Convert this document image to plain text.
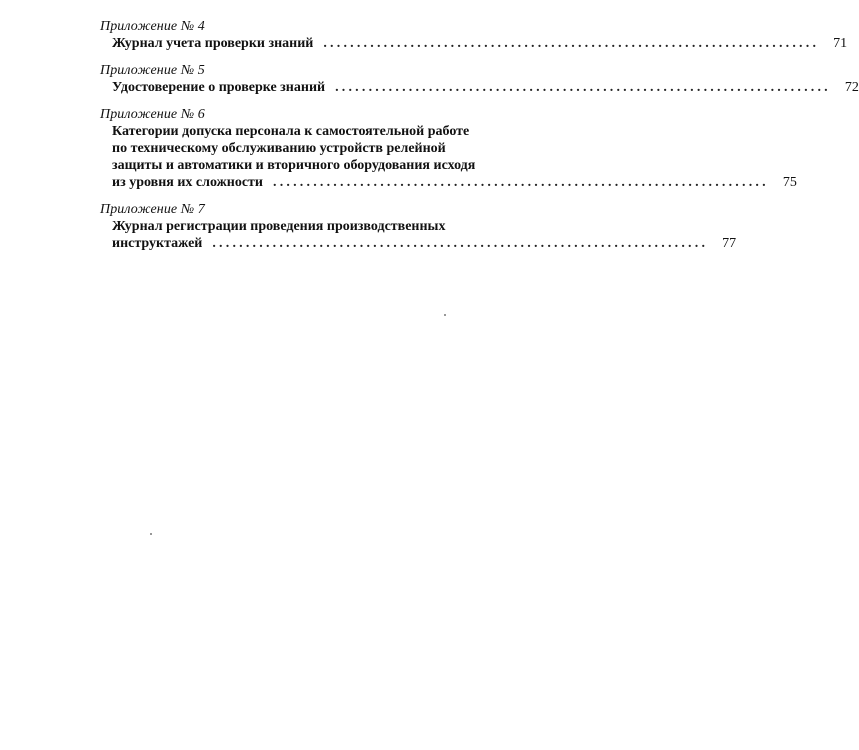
Приложение № 4
Журнал учета проверки знаний ..........................................................................	71
Приложение № 5
Удостоверение о проверке знаний ..........................................................................	72
Приложение № 6
Категории допуска персонала к самостоятельной работе
по техническому обслуживанию устройств релейной
защиты и автоматики и вторичного оборудования исходя
из уровня их сложности ..........................................................................	75
Приложение № 7
Журнал регистрации проведения производственных
инструктажей ..........................................................................	77
